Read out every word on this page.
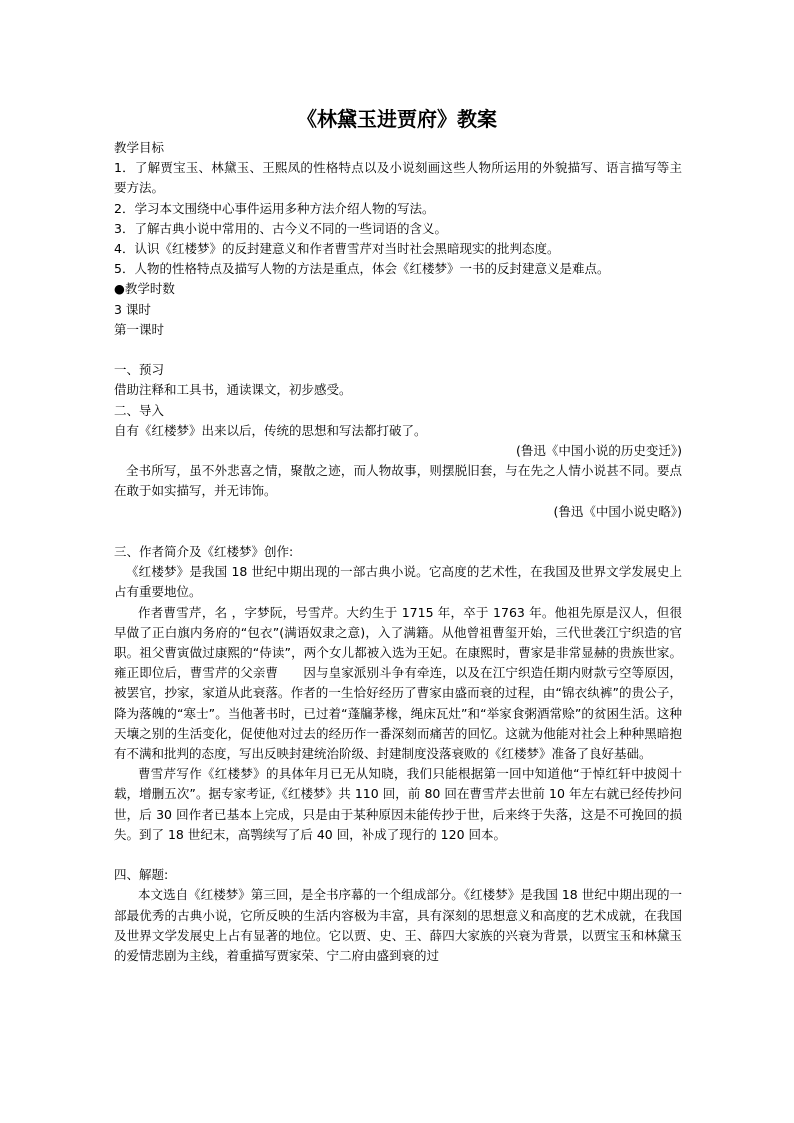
《林黛玉进贾府》教案

教学目标

1．了解贾宝玉、林黛玉、王熙凤的性格特点以及小说刻画这些人物所运用的外貌描写、语言描写等主要方法。

2．学习本文围绕中心事件运用多种方法介绍人物的写法。

3．了解古典小说中常用的、古今义不同的一些词语的含义。

4．认识《红楼梦》的反封建意义和作者曹雪芹对当时社会黑暗现实的批判态度。

5．人物的性格特点及描写人物的方法是重点，体会《红楼梦》一书的反封建意义是难点。

●教学时数

3 课时

第一课时

一、预习

借助注释和工具书，通读课文，初步感受。

二、导入

自有《红楼梦》出来以后，传统的思想和写法都打破了。

(鲁迅《中国小说的历史变迁》)

全书所写，虽不外悲喜之情，聚散之迹，而人物故事，则摆脱旧套，与在先之人情小说甚不同。要点在敢于如实描写，并无讳饰。

(鲁迅《中国小说史略》)

三、作者简介及《红楼梦》创作:

《红楼梦》是我国 18 世纪中期出现的一部古典小说。它高度的艺术性，在我国及世界文学发展史上占有重要地位。

作者曹雪芹，名 ，字梦阮，号雪芹。大约生于 1715 年，卒于 1763 年。他祖先原是汉人，但很早做了正白旗内务府的“包衣”(满语奴隶之意)，入了满籍。从他曾祖曹玺开始，三代世袭江宁织造的官职。祖父曹寅做过康熙的“侍读”，两个女儿都被入选为王妃。在康熙时，曹家是非常显赫的贵族世家。雍正即位后，曹雪芹的父亲曹　　因与皇家派别斗争有牵连，以及在江宁织造任期内财款亏空等原因，被罢官，抄家，家道从此衰落。作者的一生恰好经历了曹家由盛而衰的过程，由“锦衣纨裤”的贵公子，降为落魄的“寒士”。当他著书时，已过着“蓬牖茅椽，绳床瓦灶”和“举家食粥酒常赊”的贫困生活。这种天壤之别的生活变化，促使他对过去的经历作一番深刻而痛苦的回忆。这就为他能对社会上种种黑暗抱有不满和批判的态度，写出反映封建统治阶级、封建制度没落衰败的《红楼梦》准备了良好基础。

曹雪芹写作《红楼梦》的具体年月已无从知晓，我们只能根据第一回中知道他“于悼红轩中披阅十载，增删五次”。据专家考证,《红楼梦》共 110 回，前 80 回在曹雪芹去世前 10 年左右就已经传抄问世，后 30 回作者已基本上完成，只是由于某种原因未能传抄于世，后来终于失落，这是不可挽回的损失。到了 18 世纪末，高鹗续写了后 40 回，补成了现行的 120 回本。

四、解题:

本文选自《红楼梦》第三回，是全书序幕的一个组成部分。《红楼梦》是我国 18 世纪中期出现的一部最优秀的古典小说，它所反映的生活内容极为丰富，具有深刻的思想意义和高度的艺术成就，在我国及世界文学发展史上占有显著的地位。它以贾、史、王、薛四大家族的兴衰为背景，以贾宝玉和林黛玉的爱情悲剧为主线，着重描写贾家荣、宁二府由盛到衰的过
